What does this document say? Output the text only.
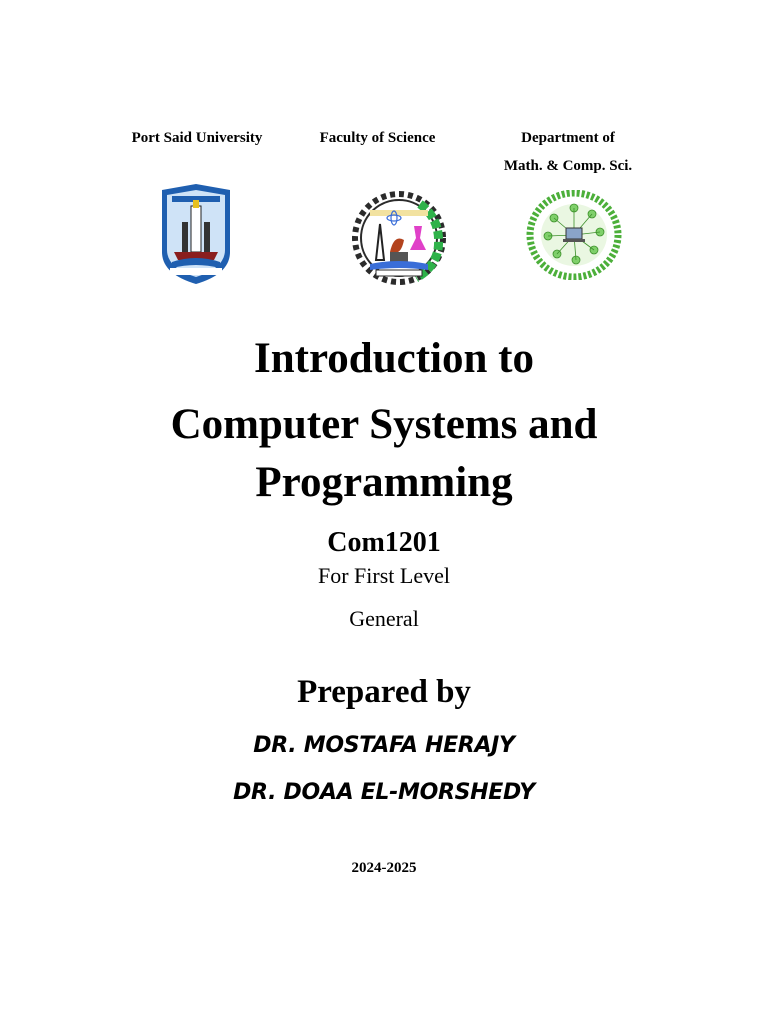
Port Said University	Faculty of Science	Department of
Math. & Comp. Sci.
Introduction to
Computer Systems and
Programming
Com1201
For First Level
General
Prepared by
DR. MOSTAFA HERAJY
DR. DOAA EL-MORSHEDY
2024-2025
